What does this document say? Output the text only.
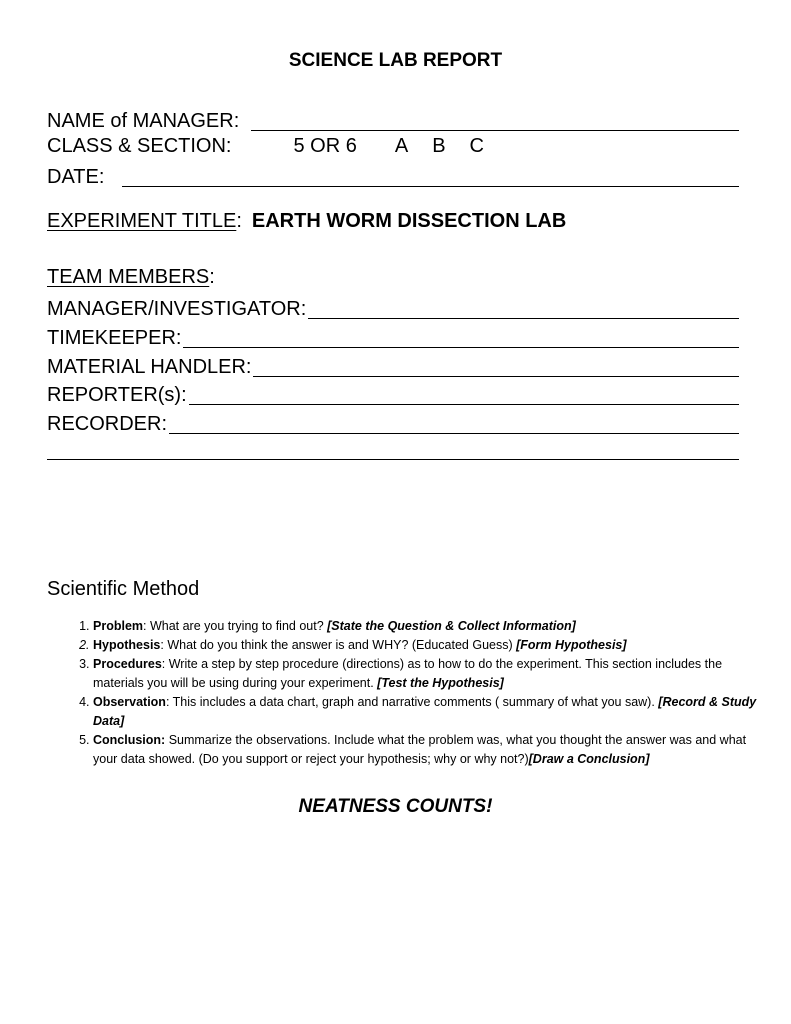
SCIENCE LAB REPORT
NAME of MANAGER:
CLASS & SECTION:	5 OR 6 A B C
DATE:
EXPERIMENT TITLE : EARTH WORM DISSECTION LAB
TEAM MEMBERS :
MANAGER/INVESTIGATOR:
TIMEKEEPER:
MATERIAL HANDLER:
REPORTER(s):
RECORDER:
Scientific Method
1. Problem: What are you trying to find out? [State the Question & Collect Information]
2. Hypothesis: What do you think the answer is and WHY? (Educated Guess) [Form Hypothesis]
3. Procedures: Write a step by step procedure (directions) as to how to do the experiment. This section includes the materials you will be using during your experiment. [Test the Hypothesis]
4. Observation: This includes a data chart, graph and narrative comments ( summary of what you saw). [Record & Study Data]
5. Conclusion: Summarize the observations. Include what the problem was, what you thought the answer was and what your data showed. (Do you support or reject your hypothesis; why or why not?)[Draw a Conclusion]
NEATNESS COUNTS!
